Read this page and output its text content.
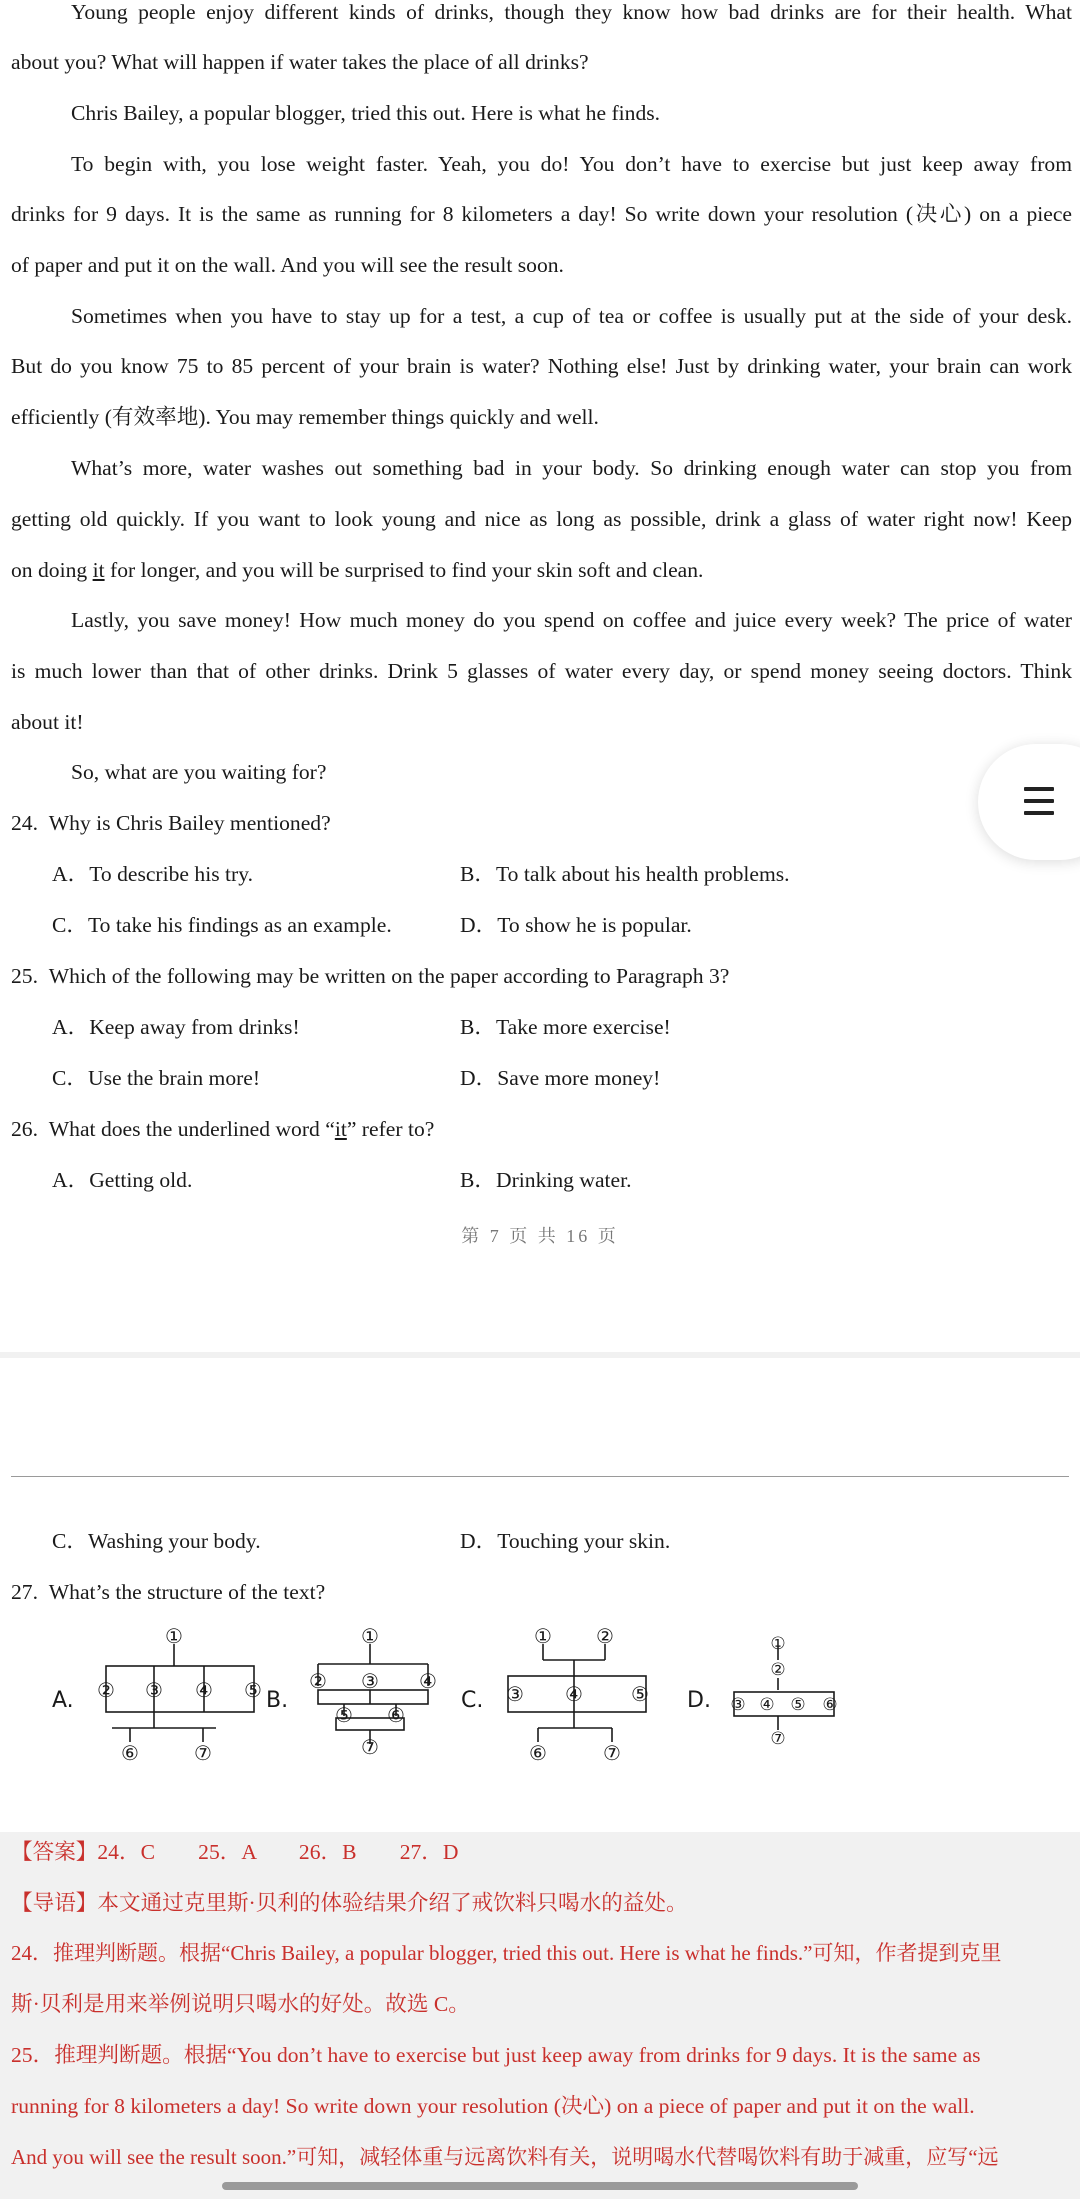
Young people enjoy different kinds of drinks, though they know how bad drinks are for their health. What
about you? What will happen if water takes the place of all drinks?
Chris Bailey, a popular blogger, tried this out. Here is what he finds.
To begin with, you lose weight faster. Yeah, you do! You don’t have to exercise but just keep away from
drinks for 9 days. It is the same as running for 8 kilometers a day! So write down your resolution (决心) on a piece
of paper and put it on the wall. And you will see the result soon.
Sometimes when you have to stay up for a test, a cup of tea or coffee is usually put at the side of your desk.
But do you know 75 to 85 percent of your brain is water? Nothing else! Just by drinking water, your brain can work
efficiently (有效率地). You may remember things quickly and well.
What’s more, water washes out something bad in your body. So drinking enough water can stop you from
getting old quickly. If you want to look young and nice as long as possible, drink a glass of water right now! Keep
on doing it for longer, and you will be surprised to find your skin soft and clean.
Lastly, you save money! How much money do you spend on coffee and juice every week? The price of water
is much lower than that of other drinks. Drink 5 glasses of water every day, or spend money seeing doctors. Think
about it!
So, what are you waiting for?
24. Why is Chris Bailey mentioned?
A．To describe his try.	B．To talk about his health problems.
C．To take his findings as an example.	D．To show he is popular.
25. Which of the following may be written on the paper according to Paragraph 3?
A．Keep away from drinks!	B．Take more exercise!
C．Use the brain more!	D．Save more money!
26. What does the underlined word “it” refer to?
A．Getting old.	B．Drinking water.
第 7 页 共 16 页
C．Washing your body.	D．Touching your skin.
27. What’s the structure of the text?
A.	B.	C.	D.
①
② ③ ④ ⑤
⑥	⑦
①
② ③ ④
⑤ ⑥
⑦
① ②
③ ④ ⑤
⑥	⑦
①
②
③ ④ ⑤ ⑥
⑦
【答案】24．C　　25．A　　26．B　　27．D
【导语】本文通过克里斯·贝利的体验结果介绍了戒饮料只喝水的益处。
24．推理判断题。根据“Chris Bailey, a popular blogger, tried this out. Here is what he finds.”可知，作者提到克里
斯·贝利是用来举例说明只喝水的好处。故选 C。
25．推理判断题。根据“You don’t have to exercise but just keep away from drinks for 9 days. It is the same as
running for 8 kilometers a day! So write down your resolution (决心) on a piece of paper and put it on the wall.
And you will see the result soon.”可知，减轻体重与远离饮料有关，说明喝水代替喝饮料有助于减重，应写“远
